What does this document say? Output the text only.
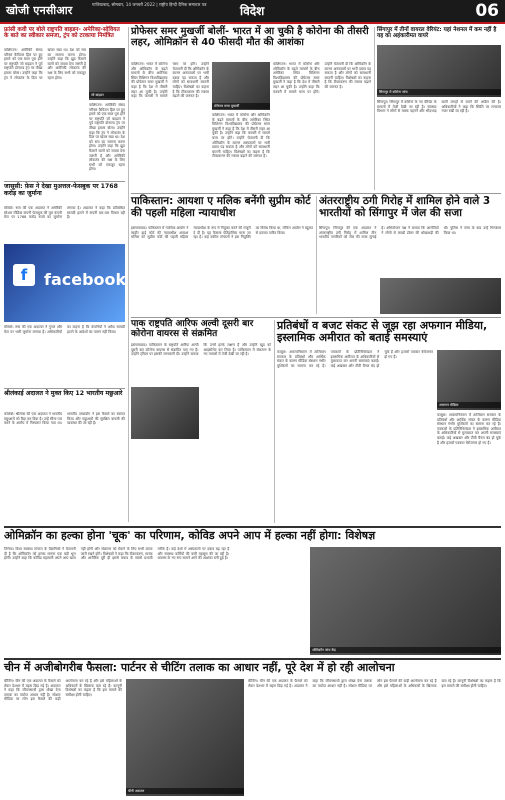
खोजी एनसीआर	गाजियाबाद, सोमवार, 14 जनवरी 2022 | राष्ट्रीय हिन्दी दैनिक समाचार पत्र	विदेश	06
फ्रांसी कवी पर बोले राष्ट्रपति बाइडन- अमेरिका-सोवियत के बाते का स्वीकार समजा, ट्रंप को टरकाया निमंत्रित
वाशिंगटन। अमेरिकी संसद परिसर कैपिटल हिल पर हुए हमले को एक साल पूरा होने पर राष्ट्रपति जो बाइडन ने पूर्व राष्ट्रपति डोनाल्ड ट्रंप पर तीखा हमला बोला। उन्होंने कहा कि ट्रंप ने लोकतंत्र के दिल पर खंजर रखा था। देश को सच का सामना करना होगा। उन्होंने कहा कि झूठ फैलाने वालों को जवाब देना जरूरी है और अमेरिकी लोकतंत्र की रक्षा के लिए सभी को एकजुट रहना होगा।
जो बाइडन
वाशिंगटन। अमेरिकी संसद परिसर कैपिटल हिल पर हुए हमले को एक साल पूरा होने पर राष्ट्रपति जो बाइडन ने पूर्व राष्ट्रपति डोनाल्ड ट्रंप पर तीखा हमला बोला। उन्होंने कहा कि ट्रंप ने लोकतंत्र के दिल पर खंजर रखा था। देश को सच का सामना करना होगा। उन्होंने कहा कि झूठ फैलाने वालों को जवाब देना जरूरी है और अमेरिकी लोकतंत्र की रक्षा के लिए सभी को एकजुट रहना होगा।
जासूसी: फ़ेस ने देखा मुअत्तल-फेसबुक पर 1768 करोड़ का जुर्माना
मॉस्को। रूस की एक अदालत ने अमेरिकी सोशल मीडिया कंपनी फेसबुक की मूल कंपनी मेटा पर 1768 करोड़ रुपये का जुर्माना लगाया है। अदालत ने कहा कि प्रतिबंधित सामग्री हटाने में कंपनी बार-बार विफल रही है।
f	facebook
मॉस्को। रूस की एक अदालत ने गूगल और मेटा पर भारी जुर्माना लगाया है। अधिकारियों का कहना है कि कंपनियों ने अवैध सामग्री हटाने के आदेशों का पालन नहीं किया।
श्रीलंकाई अदालत ने मुक्त किए 12 भारतीय मछुआरे
कोलंबो। श्रीलंका की एक अदालत ने भारतीय मछुआरों को रिहा कर दिया है। उन्हें सीमा पार करने के आरोप में गिरफ्तार किया गया था। भारतीय उच्चायोग ने इस फैसले का स्वागत किया और मछुआरों की सुरक्षित वापसी की व्यवस्था की जा रही है।
प्रोफेसर समर मुखर्जी बोलीं- भारत में आ चुकी है कोरोना की तीसरी लहर, ओमिक्रॉन से 40 फीसदी मौत की आशंका
वाशिंगटन। भारत में कोरोना और ओमिक्रॉन के बढ़ते मामलों के बीच अमेरिका स्थित मिशिगन विश्वविद्यालय की प्रोफेसर समर मुखर्जी ने कहा है कि देश में तीसरी लहर आ चुकी है। उन्होंने कहा कि फरवरी में मामले चरम पर होंगे। उन्होंने चेतावनी दी कि ओमिक्रॉन के कारण अस्पतालों पर भारी दबाव पड़ सकता है और लोगों को सावधानी बरतनी चाहिए। विशेषज्ञों का कहना है कि टीकाकरण की रफ्तार बढ़ाने की जरूरत है।
प्रोफेसर समर मुखर्जी
वाशिंगटन। भारत में कोरोना और ओमिक्रॉन के बढ़ते मामलों के बीच अमेरिका स्थित मिशिगन विश्वविद्यालय की प्रोफेसर समर मुखर्जी ने कहा है कि देश में तीसरी लहर आ चुकी है। उन्होंने कहा कि फरवरी में मामले चरम पर होंगे। उन्होंने चेतावनी दी कि ओमिक्रॉन के कारण अस्पतालों पर भारी दबाव पड़ सकता है और लोगों को सावधानी बरतनी चाहिए। विशेषज्ञों का कहना है कि टीकाकरण की रफ्तार बढ़ाने की जरूरत है।
वाशिंगटन। भारत में कोरोना और ओमिक्रॉन के बढ़ते मामलों के बीच अमेरिका स्थित मिशिगन विश्वविद्यालय की प्रोफेसर समर मुखर्जी ने कहा है कि देश में तीसरी लहर आ चुकी है। उन्होंने कहा कि फरवरी में मामले चरम पर होंगे। उन्होंने चेतावनी दी कि ओमिक्रॉन के कारण अस्पतालों पर भारी दबाव पड़ सकता है और लोगों को सावधानी बरतनी चाहिए। विशेषज्ञों का कहना है कि टीकाकरण की रफ्तार बढ़ाने की जरूरत है।
सिंगापुर में तीनों वायरल वेरियंट: यहां नेशनल में कम नहीं है यह का अहंकारीमत वायरे
सिंगापुर में कोरोना जांच
सिंगापुर। सिंगापुर में कोरोना के नए वेरियंट के मामलों में तेजी देखी जा रही है। स्वास्थ्य विभाग ने लोगों से मास्क पहनने और भीड़भाड़ वाली जगहों से बचने की अपील की है। अधिकारियों ने कहा कि स्थिति पर लगातार नजर रखी जा रही है।
पाकिस्तान: आयशा ए मलिक बनेंगी सुप्रीम कोर्ट की पहली महिला न्यायाधीश
इस्लामाबाद। पाकिस्तान में न्यायिक आयोग ने लाहौर हाई कोर्ट की न्यायाधीश आयशा मलिक को सुप्रीम कोर्ट की पहली महिला न्यायाधीश के रूप में नियुक्त करने की मंजूरी दे दी है। यह फैसला ऐतिहासिक माना जा रहा है। कई वकील संगठनों ने इस नियुक्ति का विरोध किया था, लेकिन आयोग ने बहुमत से प्रस्ताव पारित किया।
अंतरराष्ट्रीय ठगी गिरोह में शामिल होने वाले 3 भारतीयों को सिंगापुर में जेल की सजा
सिंगापुर। सिंगापुर की एक अदालत ने अंतरराष्ट्रीय ठगी गिरोह में शामिल तीन भारतीय नागरिकों को जेल की सजा सुनाई है। अभियोजन पक्ष ने बताया कि आरोपियों ने लोगों से लाखों डॉलर की धोखाधड़ी की थी। पुलिस ने जांच के बाद उन्हें गिरफ्तार किया था।
पाक राष्ट्रपति आरिफ अल्वी दूसरी बार कोरोना वायरस से संक्रमित
इस्लामाबाद। पाकिस्तान के राष्ट्रपति आरिफ अल्वी दूसरी बार कोरोना वायरस से संक्रमित पाए गए हैं। उन्होंने ट्विटर पर इसकी जानकारी दी। उन्होंने बताया कि उनमें हल्के लक्षण हैं और उन्होंने खुद को आइसोलेट कर लिया है। पाकिस्तान में संक्रमण के नए मामलों में तेजी देखी जा रही है।
प्रतिबंधों व बजट संकट से जूझ रहा अफगान मीडिया, इस्लामिक अमीरात को बताई समस्याएं
काबुल। अफगानिस्तान में तालिबान सरकार के प्रतिबंधों और आर्थिक संकट के कारण मीडिया संस्थान गंभीर मुश्किलों का सामना कर रहे हैं। पत्रकारों के प्रतिनिधिमंडल ने इस्लामिक अमीरात के अधिकारियों से मुलाकात कर अपनी समस्याएं बताईं। कई अखबार और टीवी चैनल बंद हो चुके हैं और हजारों पत्रकार बेरोजगार हो गए हैं।
अफगान मीडिया
काबुल। अफगानिस्तान में तालिबान सरकार के प्रतिबंधों और आर्थिक संकट के कारण मीडिया संस्थान गंभीर मुश्किलों का सामना कर रहे हैं। पत्रकारों के प्रतिनिधिमंडल ने इस्लामिक अमीरात के अधिकारियों से मुलाकात कर अपनी समस्याएं बताईं। कई अखबार और टीवी चैनल बंद हो चुके हैं और हजारों पत्रकार बेरोजगार हो गए हैं।
ओमिक्रॉन का हल्का होना 'चूक' का परिणाम, कोविड अपने आप में हल्का नहीं होगा: विशेषज्ञ
जिनेवा। विश्व स्वास्थ्य संगठन के वैज्ञानिकों ने चेतावनी दी है कि ओमिक्रॉन को हल्का मानना एक बड़ी भूल होगी। उन्होंने कहा कि कोविड महामारी अपने आप खत्म नहीं होगी और संक्रमण को रोकने के लिए सभी उपाय जारी रखने होंगे। विशेषज्ञों ने कहा कि टीकाकरण, मास्क और शारीरिक दूरी ही इससे बचाव के सबसे प्रभावी तरीके हैं। कई देशों में अस्पतालों पर दबाव बढ़ रहा है और स्वास्थ्य कर्मियों की कमी महसूस की जा रही है। वायरस के नए रूप सामने आने की आशंका बनी हुई है।
ओमिक्रॉन जांच केंद्र
चीन में अजीबोगरीब फैसला: पार्टनर से चीटिंग तलाक का आधार नहीं, पूरे देश में हो रही आलोचना
बीजिंग। चीन की एक अदालत के फैसले को लेकर देशभर में बहस छिड़ गई है। अदालत ने कहा कि जीवनसाथी द्वारा धोखा देना तलाक का पर्याप्त आधार नहीं है। सोशल मीडिया पर लोग इस फैसले की कड़ी आलोचना कर रहे हैं और इसे महिलाओं के अधिकारों के खिलाफ बता रहे हैं। कानूनी विशेषज्ञों का कहना है कि इस मामले की समीक्षा होनी चाहिए।
चीनी अदालत
बीजिंग। चीन की एक अदालत के फैसले को लेकर देशभर में बहस छिड़ गई है। अदालत ने कहा कि जीवनसाथी द्वारा धोखा देना तलाक का पर्याप्त आधार नहीं है। सोशल मीडिया पर लोग इस फैसले की कड़ी आलोचना कर रहे हैं और इसे महिलाओं के अधिकारों के खिलाफ बता रहे हैं। कानूनी विशेषज्ञों का कहना है कि इस मामले की समीक्षा होनी चाहिए।
